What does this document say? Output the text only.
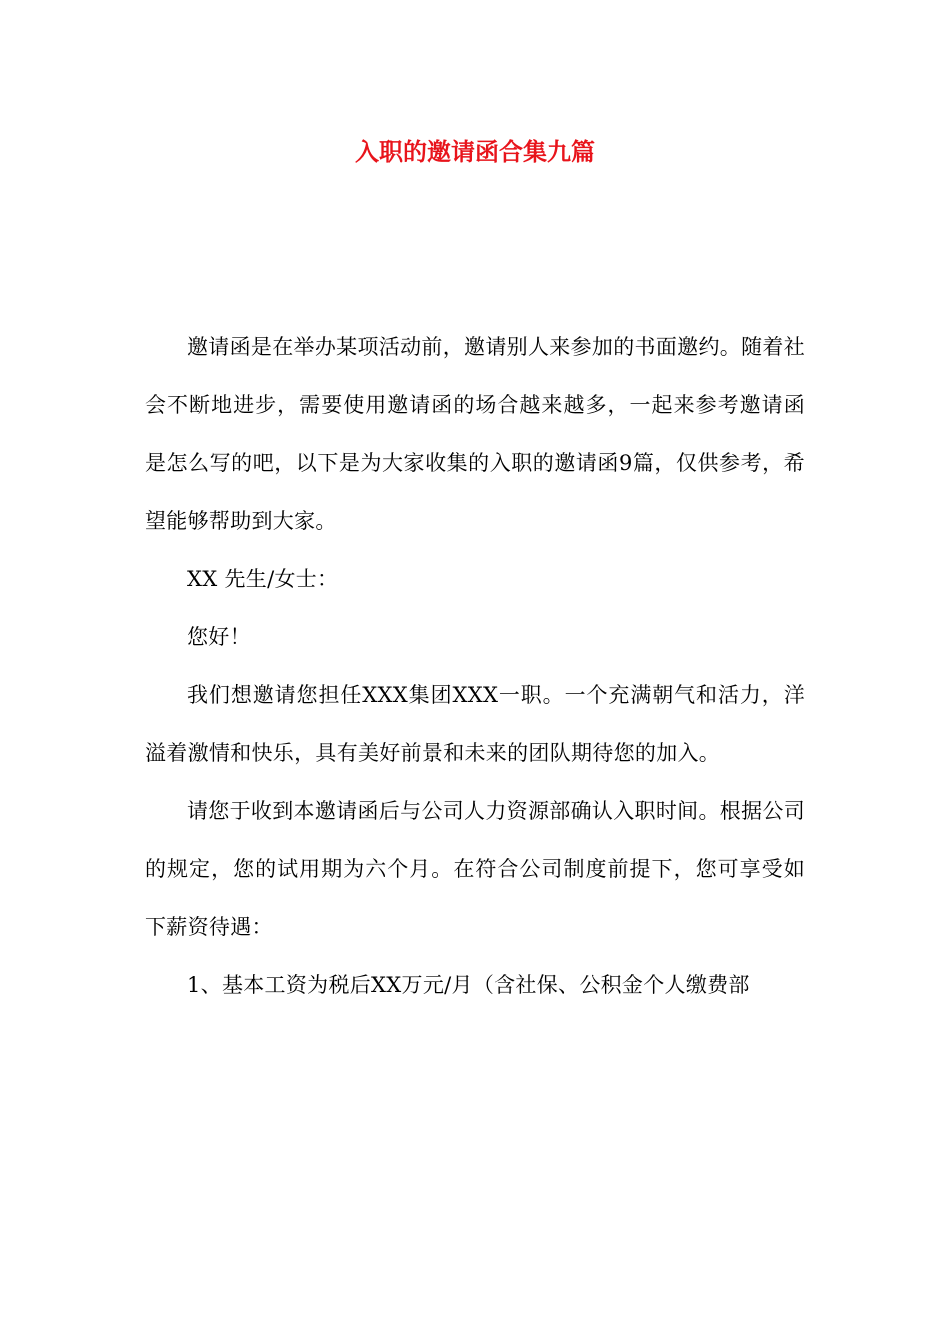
入职的邀请函合集九篇

邀请函是在举办某项活动前，邀请别人来参加的书面邀约。随着社会不断地进步，需要使用邀请函的场合越来越多，一起来参考邀请函是怎么写的吧，以下是为大家收集的入职的邀请函9篇，仅供参考，希望能够帮助到大家。

XX 先生/女士：

您好！

我们想邀请您担任XXX集团XXX一职。一个充满朝气和活力，洋溢着激情和快乐，具有美好前景和未来的团队期待您的加入。

请您于收到本邀请函后与公司人力资源部确认入职时间。根据公司的规定，您的试用期为六个月。在符合公司制度前提下，您可享受如下薪资待遇：

1、基本工资为税后XX万元/月（含社保、公积金个人缴费部
